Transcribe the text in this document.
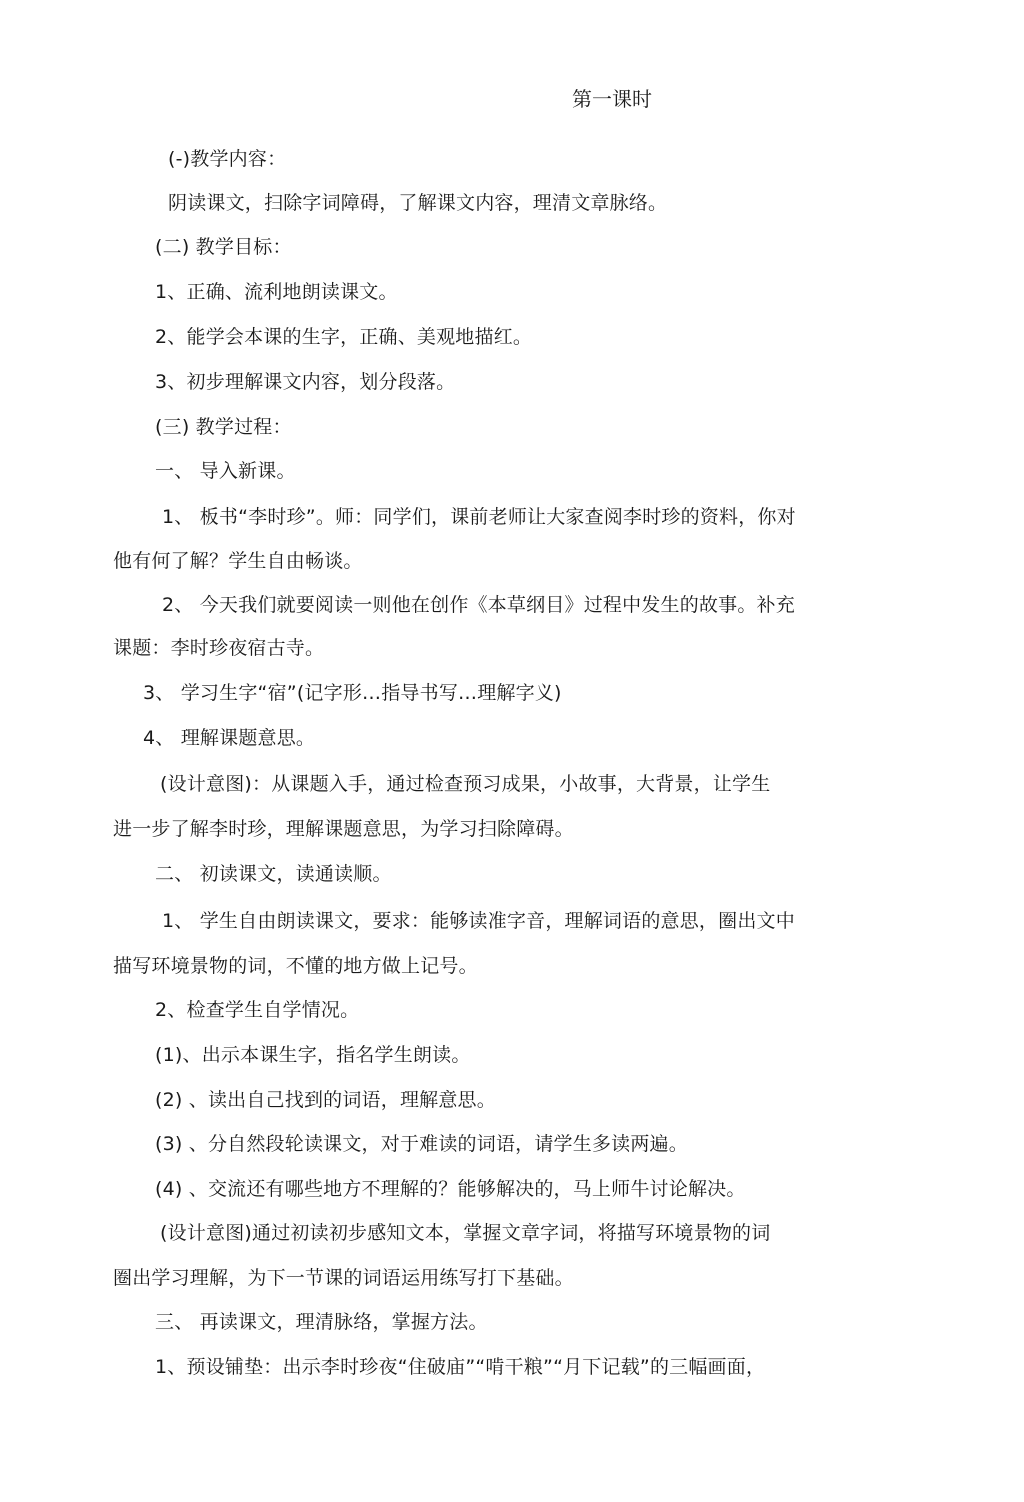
第一课时
(-)教学内容：
阴读课文，扫除字词障碍，了解课文内容，理清文章脉络。
(二) 教学目标：
1、正确、流利地朗读课文。
2、能学会本课的生字，正确、美观地描红。
3、初步理解课文内容，划分段落。
(三) 教学过程：
一、 导入新课。
1、 板书“李时珍”。师：同学们，课前老师让大家查阅李时珍的资料，你对
他有何了解？学生自由畅谈。
2、 今天我们就要阅读一则他在创作《本草纲目》过程中发生的故事。补充
课题：李时珍夜宿古寺。
3、 学习生字“宿”(记字形…指导书写…理解字义)
4、 理解课题意思。
(设计意图)：从课题入手，通过检查预习成果，小故事，大背景，让学生
进一步了解李时珍，理解课题意思，为学习扫除障碍。
二、 初读课文，读通读顺。
1、 学生自由朗读课文，要求：能够读准字音，理解词语的意思，圈出文中
描写环境景物的词，不懂的地方做上记号。
2、检查学生自学情况。
(1)、出示本课生字，指名学生朗读。
(2) 、读出自己找到的词语，理解意思。
(3) 、分自然段轮读课文，对于难读的词语，请学生多读两遍。
(4) 、交流还有哪些地方不理解的？能够解决的，马上师牛讨论解决。
(设计意图)通过初读初步感知文本，掌握文章字词，将描写环境景物的词
圈出学习理解，为下一节课的词语运用练写打下基础。
三、 再读课文，理清脉络，掌握方法。
1、预设铺垫：出示李时珍夜“住破庙”“啃干粮”“月下记载”的三幅画面，
